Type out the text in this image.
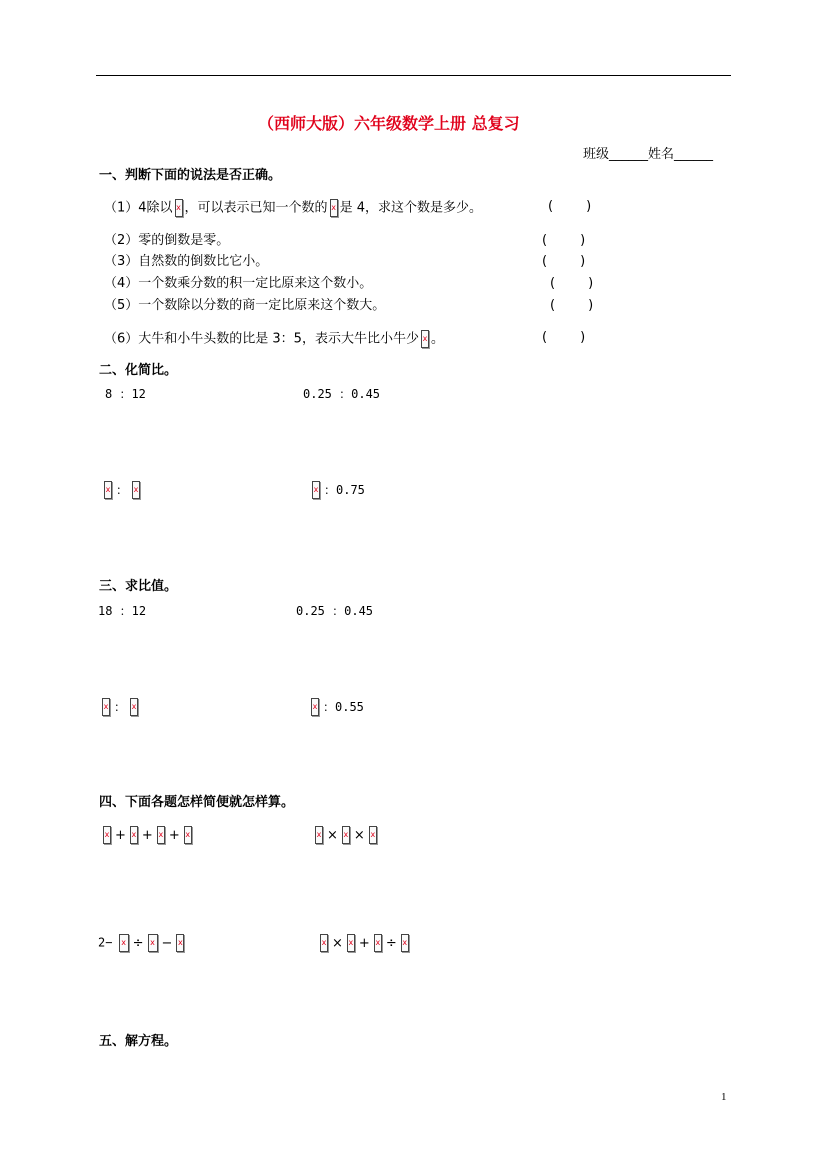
（西师大版）六年级数学上册 总复习
班级______姓名______
一、判断下面的说法是否正确。
（1）4除以 x ，可以表示已知一个数的 x 是 4，求这个数是多少。	(        )
（2）零的倒数是零。	(        )
（3）自然数的倒数比它小。	(        )
（4）一个数乘分数的积一定比原来这个数小。	(        )
（5）一个数除以分数的商一定比原来这个数大。	(        )
（6）大牛和小牛头数的比是 3：5，表示大牛比小牛少 x 。	(        )
二、化简比。
8 ：12	0.25 ：0.45
x ： x	x ：0.75
三、求比值。
18 ：12	0.25 ：0.45
x ： x	x ：0.55
四、下面各题怎样简便就怎样算。
x + x + x + x	x × x × x
2− x ÷ x − x	x × x + x ÷ x
五、解方程。
1
